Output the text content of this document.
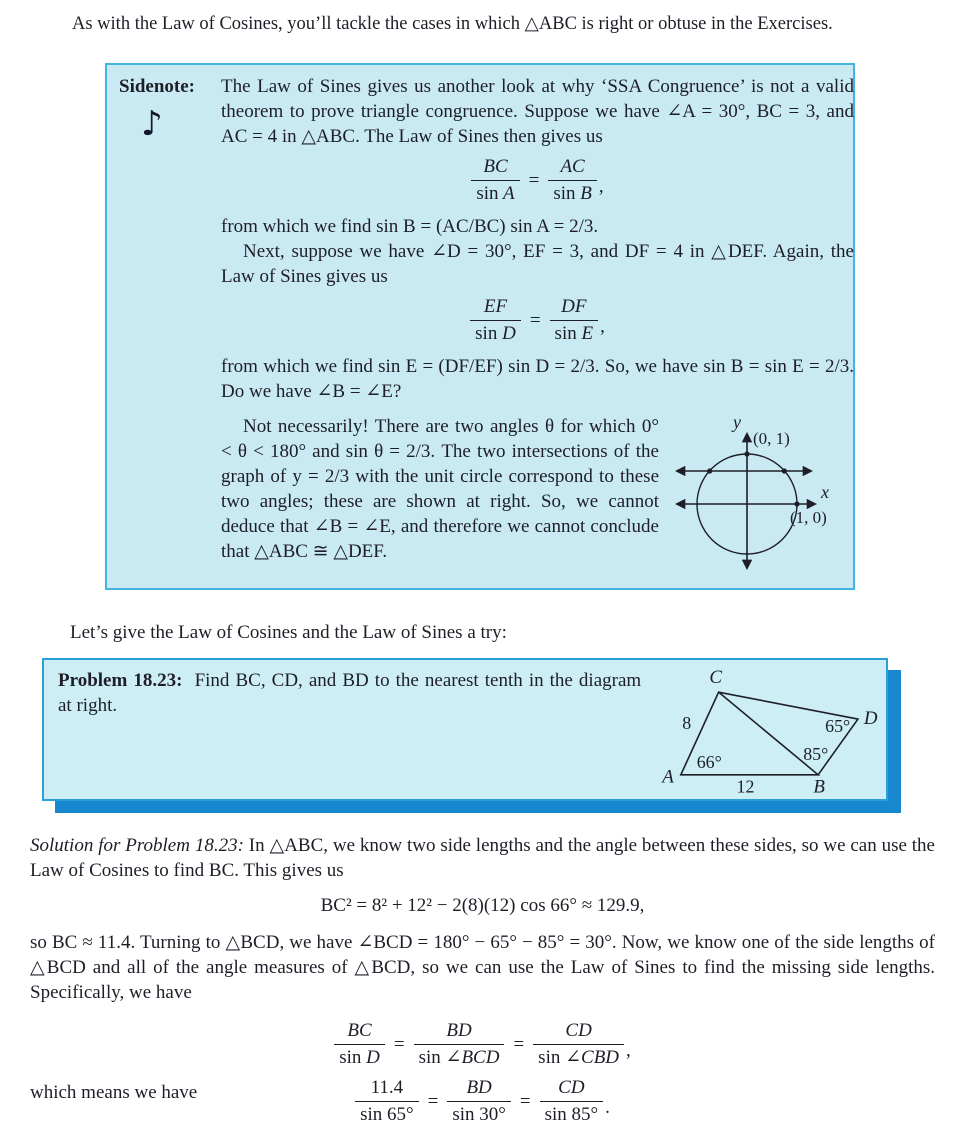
As with the Law of Cosines, you’ll tackle the cases in which △ABC is right or obtuse in the Exercises.

Sidenote:
♪

The Law of Sines gives us another look at why ‘SSA Congruence’ is not a valid theorem to prove triangle congruence. Suppose we have ∠A = 30°, BC = 3, and AC = 4 in △ABC. The Law of Sines then gives us

$\frac{BC}{\text{sin A}} = \frac{AC}{\text{sin B}}$ ,

from which we find sin B = (AC/BC) sin A = 2/3.

Next, suppose we have ∠D = 30°, EF = 3, and DF = 4 in △DEF. Again, the Law of Sines gives us

$\frac{EF}{\text{sin D}} = \frac{DF}{\text{sin E}}$ ,

from which we find sin E = (DF/EF) sin D = 2/3. So, we have sin B = sin E = 2/3. Do we have ∠B = ∠E?

Not necessarily! There are two angles θ for which 0° < θ < 180° and sin θ = 2/3. The two intersections of the graph of y = 2/3 with the unit circle correspond to these two angles; these are shown at right. So, we cannot deduce that ∠B = ∠E, and therefore we cannot conclude that △ABC ≅ △DEF.

y
(0, 1)
x
(1, 0)

Let’s give the Law of Cosines and the Law of Sines a try:

Problem 18.23: Find BC, CD, and BD to the nearest tenth in the diagram at right.

C
A	B
D
8
66°
12
65°
85°

Solution for Problem 18.23: In △ABC, we know two side lengths and the angle between these sides, so we can use the Law of Cosines to find BC. This gives us

BC² = 8² + 12² − 2(8)(12) cos 66° ≈ 129.9,

so BC ≈ 11.4. Turning to △BCD, we have ∠BCD = 180° − 65° − 85° = 30°. Now, we know one of the side lengths of △BCD and all of the angle measures of △BCD, so we can use the Law of Sines to find the missing side lengths. Specifically, we have

$\frac{BC}{\text{sin D}} = \frac{BD}{\text{sin ∠BCD}} = \frac{CD}{\text{sin ∠CBD}}$ ,
which means we have	$\frac{11.4}{\sin 65^\circ} = \frac{BD}{\sin 30^\circ} = \frac{CD}{\sin 85^\circ}$ .
